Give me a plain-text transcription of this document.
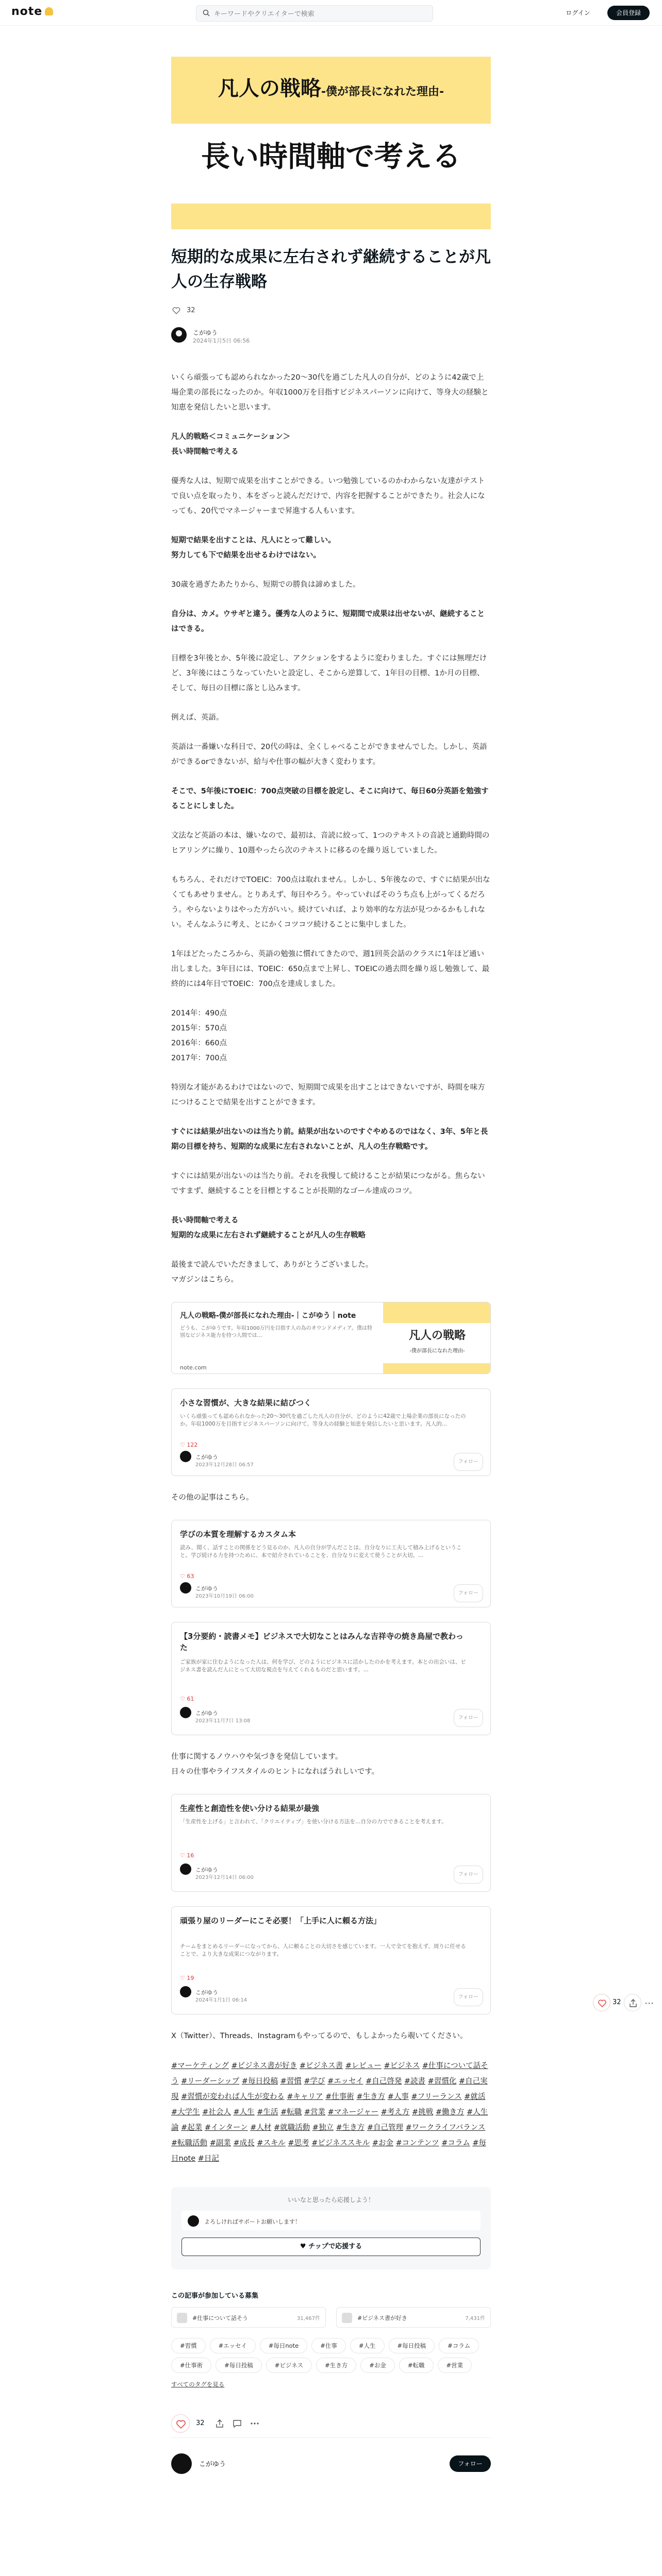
note
キーワードやクリエイターで検索	ログイン	会員登録
凡人の戦略-僕が部長になれた理由-
長い時間軸で考える
短期的な成果に左右されず継続することが凡人の生存戦略
32
こがゆう
2024年1月5日 06:56

いくら頑張っても認められなかった20〜30代を過ごした凡人の自分が、どのように42歳で上場企業の部長になったのか。年収1000万を目指すビジネスパーソンに向けて、等身大の経験と知恵を発信したいと思います。

凡人的戦略＜コミュニケーション＞
長い時間軸で考える

優秀な人は、短期で成果を出すことができる。いつ勉強しているのかわからない友達がテストで良い点を取ったり、本をざっと読んだだけで、内容を把握することができたり。社会人になっても、20代でマネージャーまで昇進する人もいます。

短期で結果を出すことは、凡人にとって難しい。
努力しても下で結果を出せるわけではない。

30歳を過ぎたあたりから、短期での勝負は諦めました。

自分は、カメ。ウサギと違う。優秀な人のように、短期間で成果は出せないが、継続することはできる。

目標を3年後とか、5年後に設定し、アクションをするように変わりました。すぐには無理だけど、3年後にはこうなっていたいと設定し、そこから逆算して、1年目の目標、1か月の目標、そして、毎日の目標に落とし込みます。

例えば、英語。

英語は一番嫌いな科目で、20代の時は、全くしゃべることができませんでした。しかし、英語ができるorできないが、給与や仕事の幅が大きく変わります。

そこで、5年後にTOEIC：700点突破の目標を設定し、そこに向けて、毎日60分英語を勉強することにしました。

文法など英語の本は、嫌いなので、最初は、音読に絞って、1つのテキストの音読と通勤時間のヒアリングに繰り、10週やったら次のテキストに移るのを繰り返していました。

もちろん、それだけでTOEIC：700点は取れません。しかし、5年後なので、すぐに結果が出なくてもあせりません。とりあえず、毎日やろう。やっていればそのうち点も上がってくるだろう。やらないよりはやった方がいい。続けていれば、より効率的な方法が見つかるかもしれない。そんなふうに考え、とにかくコツコツ続けることに集中しました。

1年ほどたったころから、英語の勉強に慣れてきたので、週1回英会話のクラスに1年ほど通い出しました。3年目には、TOEIC：650点まで上昇し、TOEICの過去問を繰り返し勉強して、最終的には4年目でTOEIC：700点を達成しました。

2014年：490点
2015年：570点
2016年：660点
2017年：700点

特別な才能があるわけではないので、短期間で成果を出すことはできないですが、時間を味方につけることで結果を出すことができます。

すぐには結果が出ないのは当たり前。結果が出ないのですぐやめるのではなく、3年、5年と長期の目標を持ち、短期的な成果に左右されないことが、凡人の生存戦略です。

すぐには結果が出ないのは当たり前。それを我慢して続けることが結果につながる。焦らないですまず、継続することを目標とすることが長期的なゴール達成のコツ。

長い時間軸で考える
短期的な成果に左右されず継続することが凡人の生存戦略

最後まで読んでいただきまして、ありがとうございました。
マガジンはこちら。

凡人の戦略-僕が部長になれた理由-｜こがゆう｜note
どうも、こがゆうです。年収1000万円を目指す人の為のオウンドメディア。僕は特別なビジネス能力を持つ人間では…
note.com
凡人の戦略
-僕が部長になれた理由-
小さな習慣が、大きな結果に結びつく
いくら頑張っても認められなかった20〜30代を過ごした凡人の自分が、どのように42歳で上場企業の部長になったのか。年収1000万を目指すビジネスパーソンに向けて、等身大の経験と知恵を発信したいと思います。凡人的...
♡ 122
こがゆう
2023年12月28日 06:57
フォロー

その他の記事はこちら。

学びの本質を理解するカスタム本
読み、聞く、話すことの関係をどう見るのか、凡人の自分が学んだことは、自分なりに工夫して積み上げるということ。学び続ける力を持つために、本で紹介されていることを、自分なりに変えて使うことが大切。...
♡ 63
こがゆう
2023年10月19日 06:00
フォロー
【3分要約・読書メモ】ビジネスで大切なことはみんな吉祥寺の焼き鳥屋で教わった
ご家族が家に住むようになった人は、何を学び、どのようにビジネスに活かしたのかを考えます。本との出会いは、ビジネス書を読んだ人にとって大切な視点を与えてくれるものだと思います。...
♡ 61
こがゆう
2023年11月7日 13:08
フォロー

仕事に関するノウハウや気づきを発信しています。
日々の仕事やライフスタイルのヒントになればうれしいです。

生産性と創造性を使い分ける結果が最強
「生産性を上げる」と言われて、「クリエイティブ」を使い分ける方法を…自分の力でできることを考えます。
♡ 16
こがゆう
2023年12月14日 06:00
フォロー
頑張り屋のリーダーにこそ必要！「上手に人に頼る方法」
チームをまとめるリーダーになってから、人に頼ることの大切さを感じています。一人で全てを抱えず、周りに任せることで、より大きな成果につながります。
♡ 19
こがゆう
2024年1月1日 06:14
フォロー

X（Twitter）、Threads、Instagramもやってるので、もしよかったら覗いてください。

#マーケティング #ビジネス書が好き #ビジネス書 #レビュー #ビジネス #仕事について話そう #リーダーシップ #毎日投稿 #習慣 #学び #エッセイ #自己啓発 #読書 #習慣化 #自己実現 #習慣が変われば人生が変わる #キャリア #仕事術 #生き方 #人事 #フリーランス #就活 #大学生 #社会人 #人生 #生活 #転職 #営業 #マネージャー #考え方 #挑戦 #働き方 #人生論 #起業 #インターン #人材 #就職活動 #独立 #生き方 #自己管理 #ワークライフバランス #転職活動 #副業 #成長 #スキル #思考 #ビジネススキル #お金 #コンテンツ #コラム #毎日note #日記
いいなと思ったら応援しよう！
よろしければサポートお願いします！
♥ チップで応援する
この記事が参加している募集
#仕事について話そう	31,467件	#ビジネス書が好き	7,431件
#習慣	#エッセイ	#毎日note	#仕事	#人生	#毎日投稿	#コラム
#仕事術	#毎日投稿	#ビジネス	#生き方	#お金	#転職	#営業
すべてのタグを見る
32
こがゆう	フォロー
32	⋯
